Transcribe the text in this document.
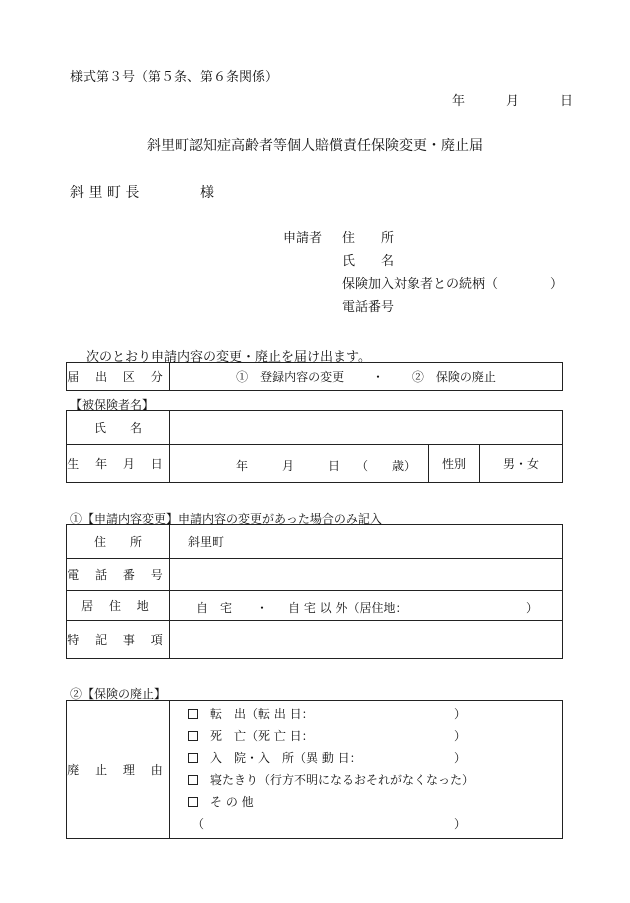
様式第３号（第５条、第６条関係）
年	月	日
斜里町認知症高齢者等個人賠償責任保険変更・廃止届
斜 里 町 長	様
申請者 住　　所
氏　　名
保険加入対象者との続柄（　　　　）
電話番号
次のとおり申請内容の変更・廃止を届け出ます。
届 出 区 分	①　登録内容の変更 ・ ②　保険の廃止
【被保険者名】
氏　　名			
生 年 月 日	年 月 日 （　　歳）	性別	男・女
①【申請内容変更】申請内容の変更があった場合のみ記入
住　　所	斜里町
電 話 番 号	
居 住 地	自　宅 ・ 自 宅 以 外（居住地： ）

特 記 事 項	
②【保険の廃止】
廃 止 理 由	
転　出（転 出 日：	）
死　亡（死 亡 日：	）
入　院・入　所（異 動 日：	）
寝たきり（行方不明になるおそれがなくなった）
そ の 他
（	）
